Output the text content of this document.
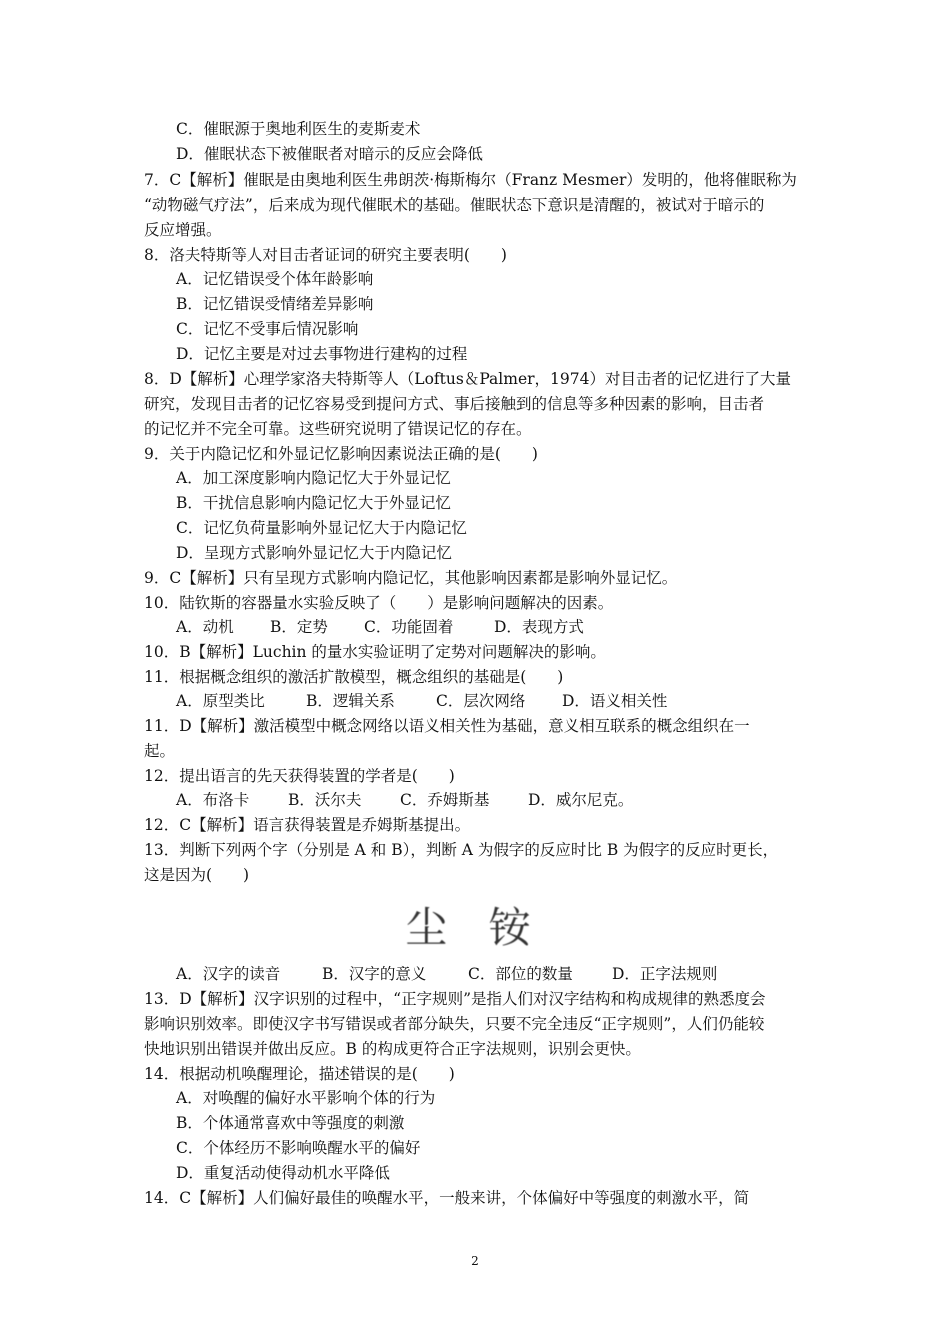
C．催眠源于奥地利医生的麦斯麦术
D．催眠状态下被催眠者对暗示的反应会降低
7．C【解析】催眠是由奥地利医生弗朗茨·梅斯梅尔（Franz Mesmer）发明的，他将催眠称为
“动物磁气疗法”，后来成为现代催眠术的基础。催眠状态下意识是清醒的，被试对于暗示的
反应增强。
8．洛夫特斯等人对目击者证词的研究主要表明(　　)
A．记忆错误受个体年龄影响
B．记忆错误受情绪差异影响
C．记忆不受事后情况影响
D．记忆主要是对过去事物进行建构的过程
8．D【解析】心理学家洛夫特斯等人（Loftus＆Palmer，1974）对目击者的记忆进行了大量
研究，发现目击者的记忆容易受到提问方式、事后接触到的信息等多种因素的影响，目击者
的记忆并不完全可靠。这些研究说明了错误记忆的存在。
9．关于内隐记忆和外显记忆影响因素说法正确的是(　　)
A．加工深度影响内隐记忆大于外显记忆
B．干扰信息影响内隐记忆大于外显记忆
C．记忆负荷量影响外显记忆大于内隐记忆
D．呈现方式影响外显记忆大于内隐记忆
9．C【解析】只有呈现方式影响内隐记忆，其他影响因素都是影响外显记忆。
10．陆钦斯的容器量水实验反映了（　　）是影响问题解决的因素。
A．动机 B．定势 C．功能固着	D．表现方式
10．B【解析】Luchin 的量水实验证明了定势对问题解决的影响。
11．根据概念组织的激活扩散模型，概念组织的基础是(　　)
A．原型类比	B．逻辑关系	C．层次网络 D．语义相关性
11．D【解析】激活模型中概念网络以语义相关性为基础，意义相互联系的概念组织在一
起。
12．提出语言的先天获得装置的学者是(　　)
A．布洛卡	B．沃尔夫 C．乔姆斯基 D．威尔尼克。
12．C【解析】语言获得装置是乔姆斯基提出。
13．判断下列两个字（分别是 A 和 B），判断 A 为假字的反应时比 B 为假字的反应时更长，
这是因为(　　)
尘 铵
A．汉字的读音	B．汉字的意义	C．部位的数量	D．正字法规则
13．D【解析】汉字识别的过程中，“正字规则”是指人们对汉字结构和构成规律的熟悉度会
影响识别效率。即使汉字书写错误或者部分缺失，只要不完全违反“正字规则”，人们仍能较
快地识别出错误并做出反应。B 的构成更符合正字法规则，识别会更快。
14．根据动机唤醒理论，描述错误的是(　　)
A．对唤醒的偏好水平影响个体的行为
B．个体通常喜欢中等强度的刺激
C．个体经历不影响唤醒水平的偏好
D．重复活动使得动机水平降低
14．C【解析】人们偏好最佳的唤醒水平，一般来讲，个体偏好中等强度的刺激水平，简
2
